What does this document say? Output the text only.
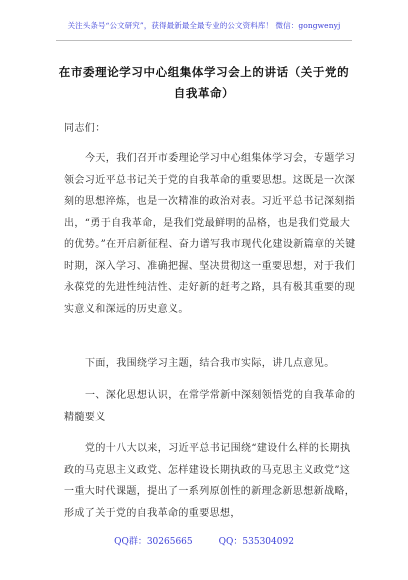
关注头条号“公文研究”，获得最新最全最专业的公文资料库！ 微信：gongwenyj
在市委理论学习中心组集体学习会上的讲话（关于党的自我革命）

同志们：

今天，我们召开市委理论学习中心组集体学习会，专题学习领会习近平总书记关于党的自我革命的重要思想。这既是一次深刻的思想淬炼，也是一次精准的政治对表。习近平总书记深刻指出，“勇于自我革命，是我们党最鲜明的品格，也是我们党最大的优势。”在开启新征程、奋力谱写我市现代化建设新篇章的关键时期，深入学习、准确把握、坚决贯彻这一重要思想，对于我们永葆党的先进性纯洁性、走好新的赶考之路，具有极其重要的现实意义和深远的历史意义。

下面，我围绕学习主题，结合我市实际，讲几点意见。

一、深化思想认识，在常学常新中深刻领悟党的自我革命的精髓要义

党的十八大以来，习近平总书记围绕“建设什么样的长期执政的马克思主义政党、怎样建设长期执政的马克思主义政党”这一重大时代课题，提出了一系列原创性的新理念新思想新战略，形成了关于党的自我革命的重要思想，

QQ群：30265665	QQ：535304092
